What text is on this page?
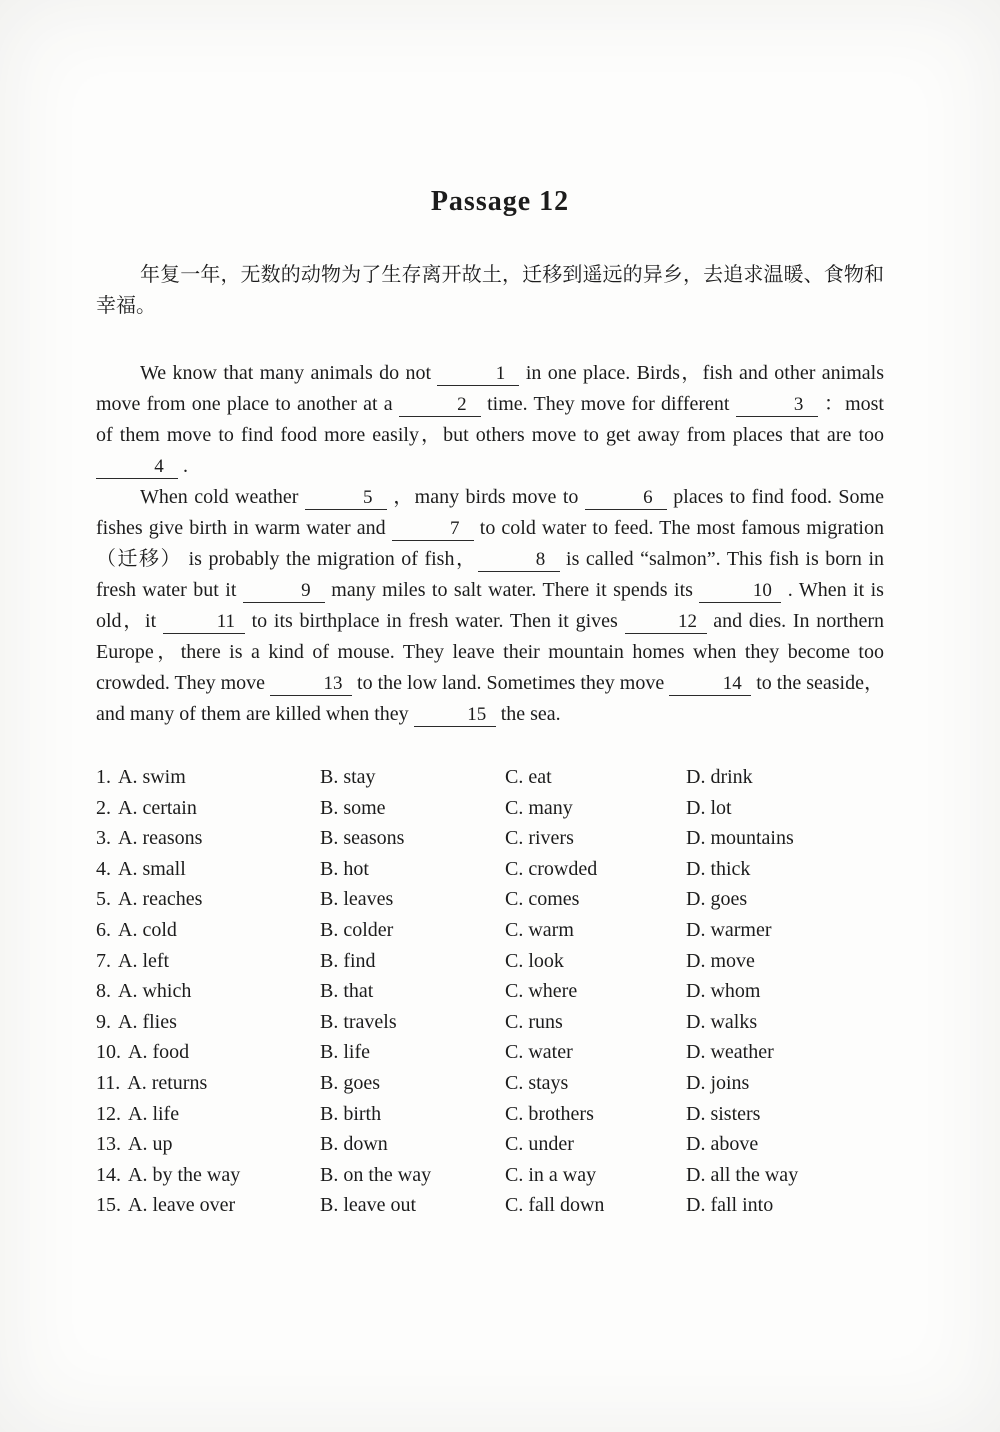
Passage 12

年复一年，无数的动物为了生存离开故土，迁移到遥远的异乡，去追求温暖、食物和幸福。

We know that many animals do not	1 in one place. Birds，fish and other animals move from one place to another at a	2 time. They move for different	3 ：most of them move to find food more easily，but others move to get away from places that are too 4 .

When cold weather	5 ，many birds move to	6 places to find food. Some fishes give birth in warm water and	7 to cold water to feed. The most famous migration （迁移） is probably the migration of fish，	8 is called “salmon”. This fish is born in fresh water but it	9 many miles to salt water. There it spends its	10 . When it is old，it	11 to its birthplace in fresh water. Then it gives	12 and dies. In northern Europe，there is a kind of mouse. They leave their mountain homes when they become too crowded. They move	13 to the low land. Sometimes they move	14 to the seaside，and many of them are killed when they	15 the sea.

1. A. swim	B. stay	C. eat	D. drink
2. A. certain	B. some	C. many	D. lot
3. A. reasons	B. seasons	C. rivers	D. mountains
4. A. small	B. hot	C. crowded	D. thick
5. A. reaches	B. leaves	C. comes	D. goes
6. A. cold	B. colder	C. warm	D. warmer
7. A. left	B. find	C. look	D. move
8. A. which	B. that	C. where	D. whom
9. A. flies	B. travels	C. runs	D. walks
10. A. food	B. life	C. water	D. weather
11. A. returns	B. goes	C. stays	D. joins
12. A. life	B. birth	C. brothers	D. sisters
13. A. up	B. down	C. under	D. above
14. A. by the way	B. on the way	C. in a way	D. all the way
15. A. leave over	B. leave out	C. fall down	D. fall into
